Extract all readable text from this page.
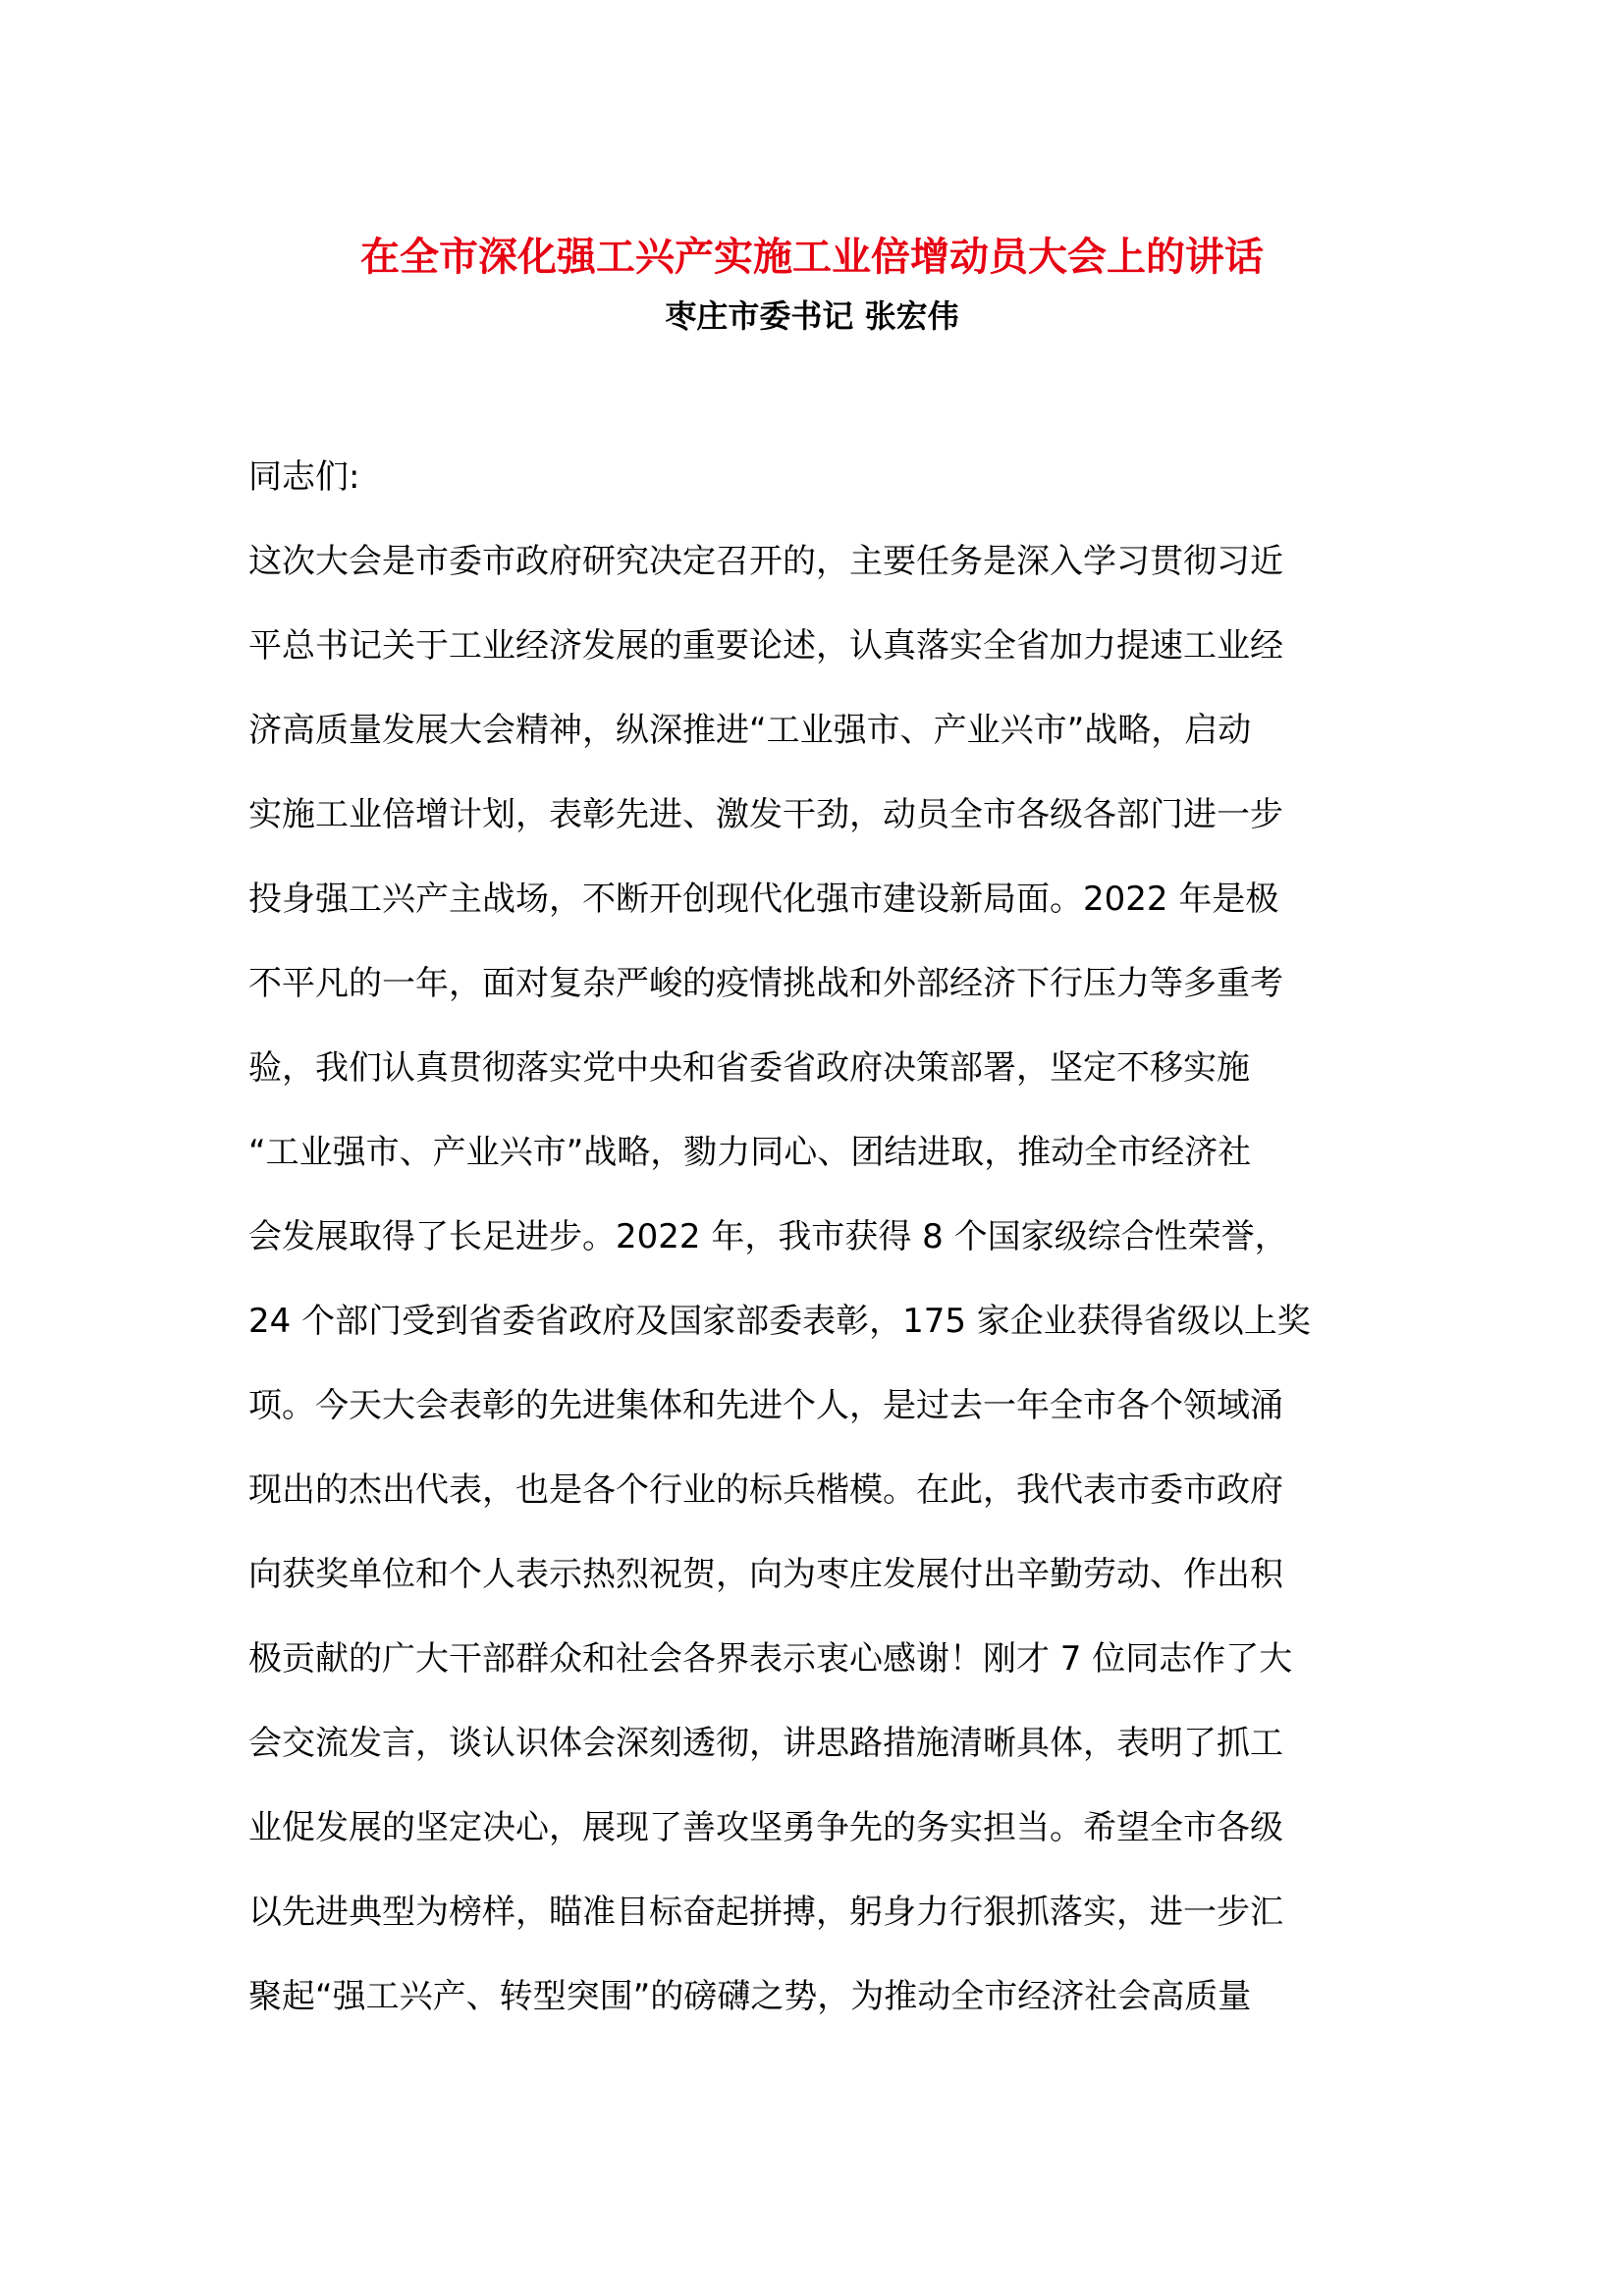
在全市深化强工兴产实施工业倍增动员大会上的讲话
枣庄市委书记 张宏伟
同志们:
这次大会是市委市政府研究决定召开的，主要任务是深入学习贯彻习近
平总书记关于工业经济发展的重要论述，认真落实全省加力提速工业经
济高质量发展大会精神，纵深推进“工业强市、产业兴市”战略，启动
实施工业倍增计划，表彰先进、激发干劲，动员全市各级各部门进一步
投身强工兴产主战场，不断开创现代化强市建设新局面。2022 年是极
不平凡的一年，面对复杂严峻的疫情挑战和外部经济下行压力等多重考
验，我们认真贯彻落实党中央和省委省政府决策部署，坚定不移实施
“工业强市、产业兴市”战略，勠力同心、团结进取，推动全市经济社
会发展取得了长足进步。2022 年，我市获得 8 个国家级综合性荣誉，
24 个部门受到省委省政府及国家部委表彰，175 家企业获得省级以上奖
项。今天大会表彰的先进集体和先进个人，是过去一年全市各个领域涌
现出的杰出代表，也是各个行业的标兵楷模。在此，我代表市委市政府
向获奖单位和个人表示热烈祝贺，向为枣庄发展付出辛勤劳动、作出积
极贡献的广大干部群众和社会各界表示衷心感谢！刚才 7 位同志作了大
会交流发言，谈认识体会深刻透彻，讲思路措施清晰具体，表明了抓工
业促发展的坚定决心，展现了善攻坚勇争先的务实担当。希望全市各级
以先进典型为榜样，瞄准目标奋起拼搏，躬身力行狠抓落实，进一步汇
聚起“强工兴产、转型突围”的磅礴之势，为推动全市经济社会高质量
